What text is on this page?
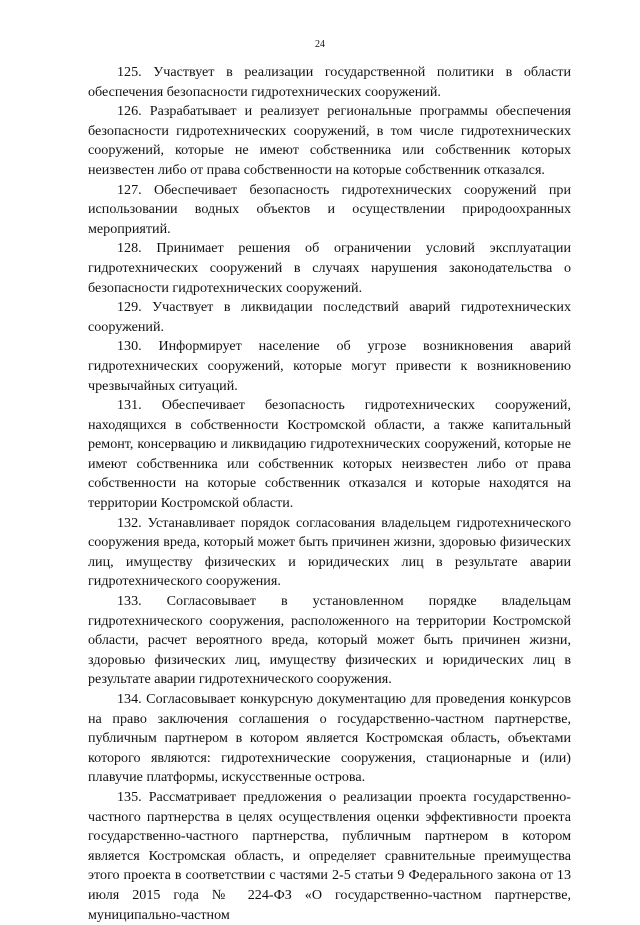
24

125. Участвует в реализации государственной политики в области обеспечения безопасности гидротехнических сооружений.

126. Разрабатывает и реализует региональные программы обеспечения безопасности гидротехнических сооружений, в том числе гидротехнических сооружений, которые не имеют собственника или собственник которых неизвестен либо от права собственности на которые собственник отказался.

127. Обеспечивает безопасность гидротехнических сооружений при использовании водных объектов и осуществлении природоохранных мероприятий.

128. Принимает решения об ограничении условий эксплуатации гидротехнических сооружений в случаях нарушения законодательства о безопасности гидротехнических сооружений.

129. Участвует в ликвидации последствий аварий гидротехнических сооружений.

130. Информирует население об угрозе возникновения аварий гидротехнических сооружений, которые могут привести к возникновению чрезвычайных ситуаций.

131. Обеспечивает безопасность гидротехнических сооружений, находящихся в собственности Костромской области, а также капитальный ремонт, консервацию и ликвидацию гидротехнических сооружений, которые не имеют собственника или собственник которых неизвестен либо от права собственности на которые собственник отказался и которые находятся на территории Костромской области.

132. Устанавливает порядок согласования владельцем гидротехнического сооружения вреда, который может быть причинен жизни, здоровью физических лиц, имуществу физических и юридических лиц в результате аварии гидротехнического сооружения.

133. Согласовывает в установленном порядке владельцам гидротехнического сооружения, расположенного на территории Костромской области, расчет вероятного вреда, который может быть причинен жизни, здоровью физических лиц, имуществу физических и юридических лиц в результате аварии гидротехнического сооружения.

134. Согласовывает конкурсную документацию для проведения конкурсов на право заключения соглашения о государственно-частном партнерстве, публичным партнером в котором является Костромская область, объектами которого являются: гидротехнические сооружения, стационарные и (или) плавучие платформы, искусственные острова.

135. Рассматривает предложения о реализации проекта государственно-частного партнерства в целях осуществления оценки эффективности проекта государственно-частного партнерства, публичным партнером в котором является Костромская область, и определяет сравнительные преимущества этого проекта в соответствии с частями 2-5 статьи 9 Федерального закона от 13 июля 2015 года № 224-ФЗ «О государственно-частном партнерстве, муниципально-частном
